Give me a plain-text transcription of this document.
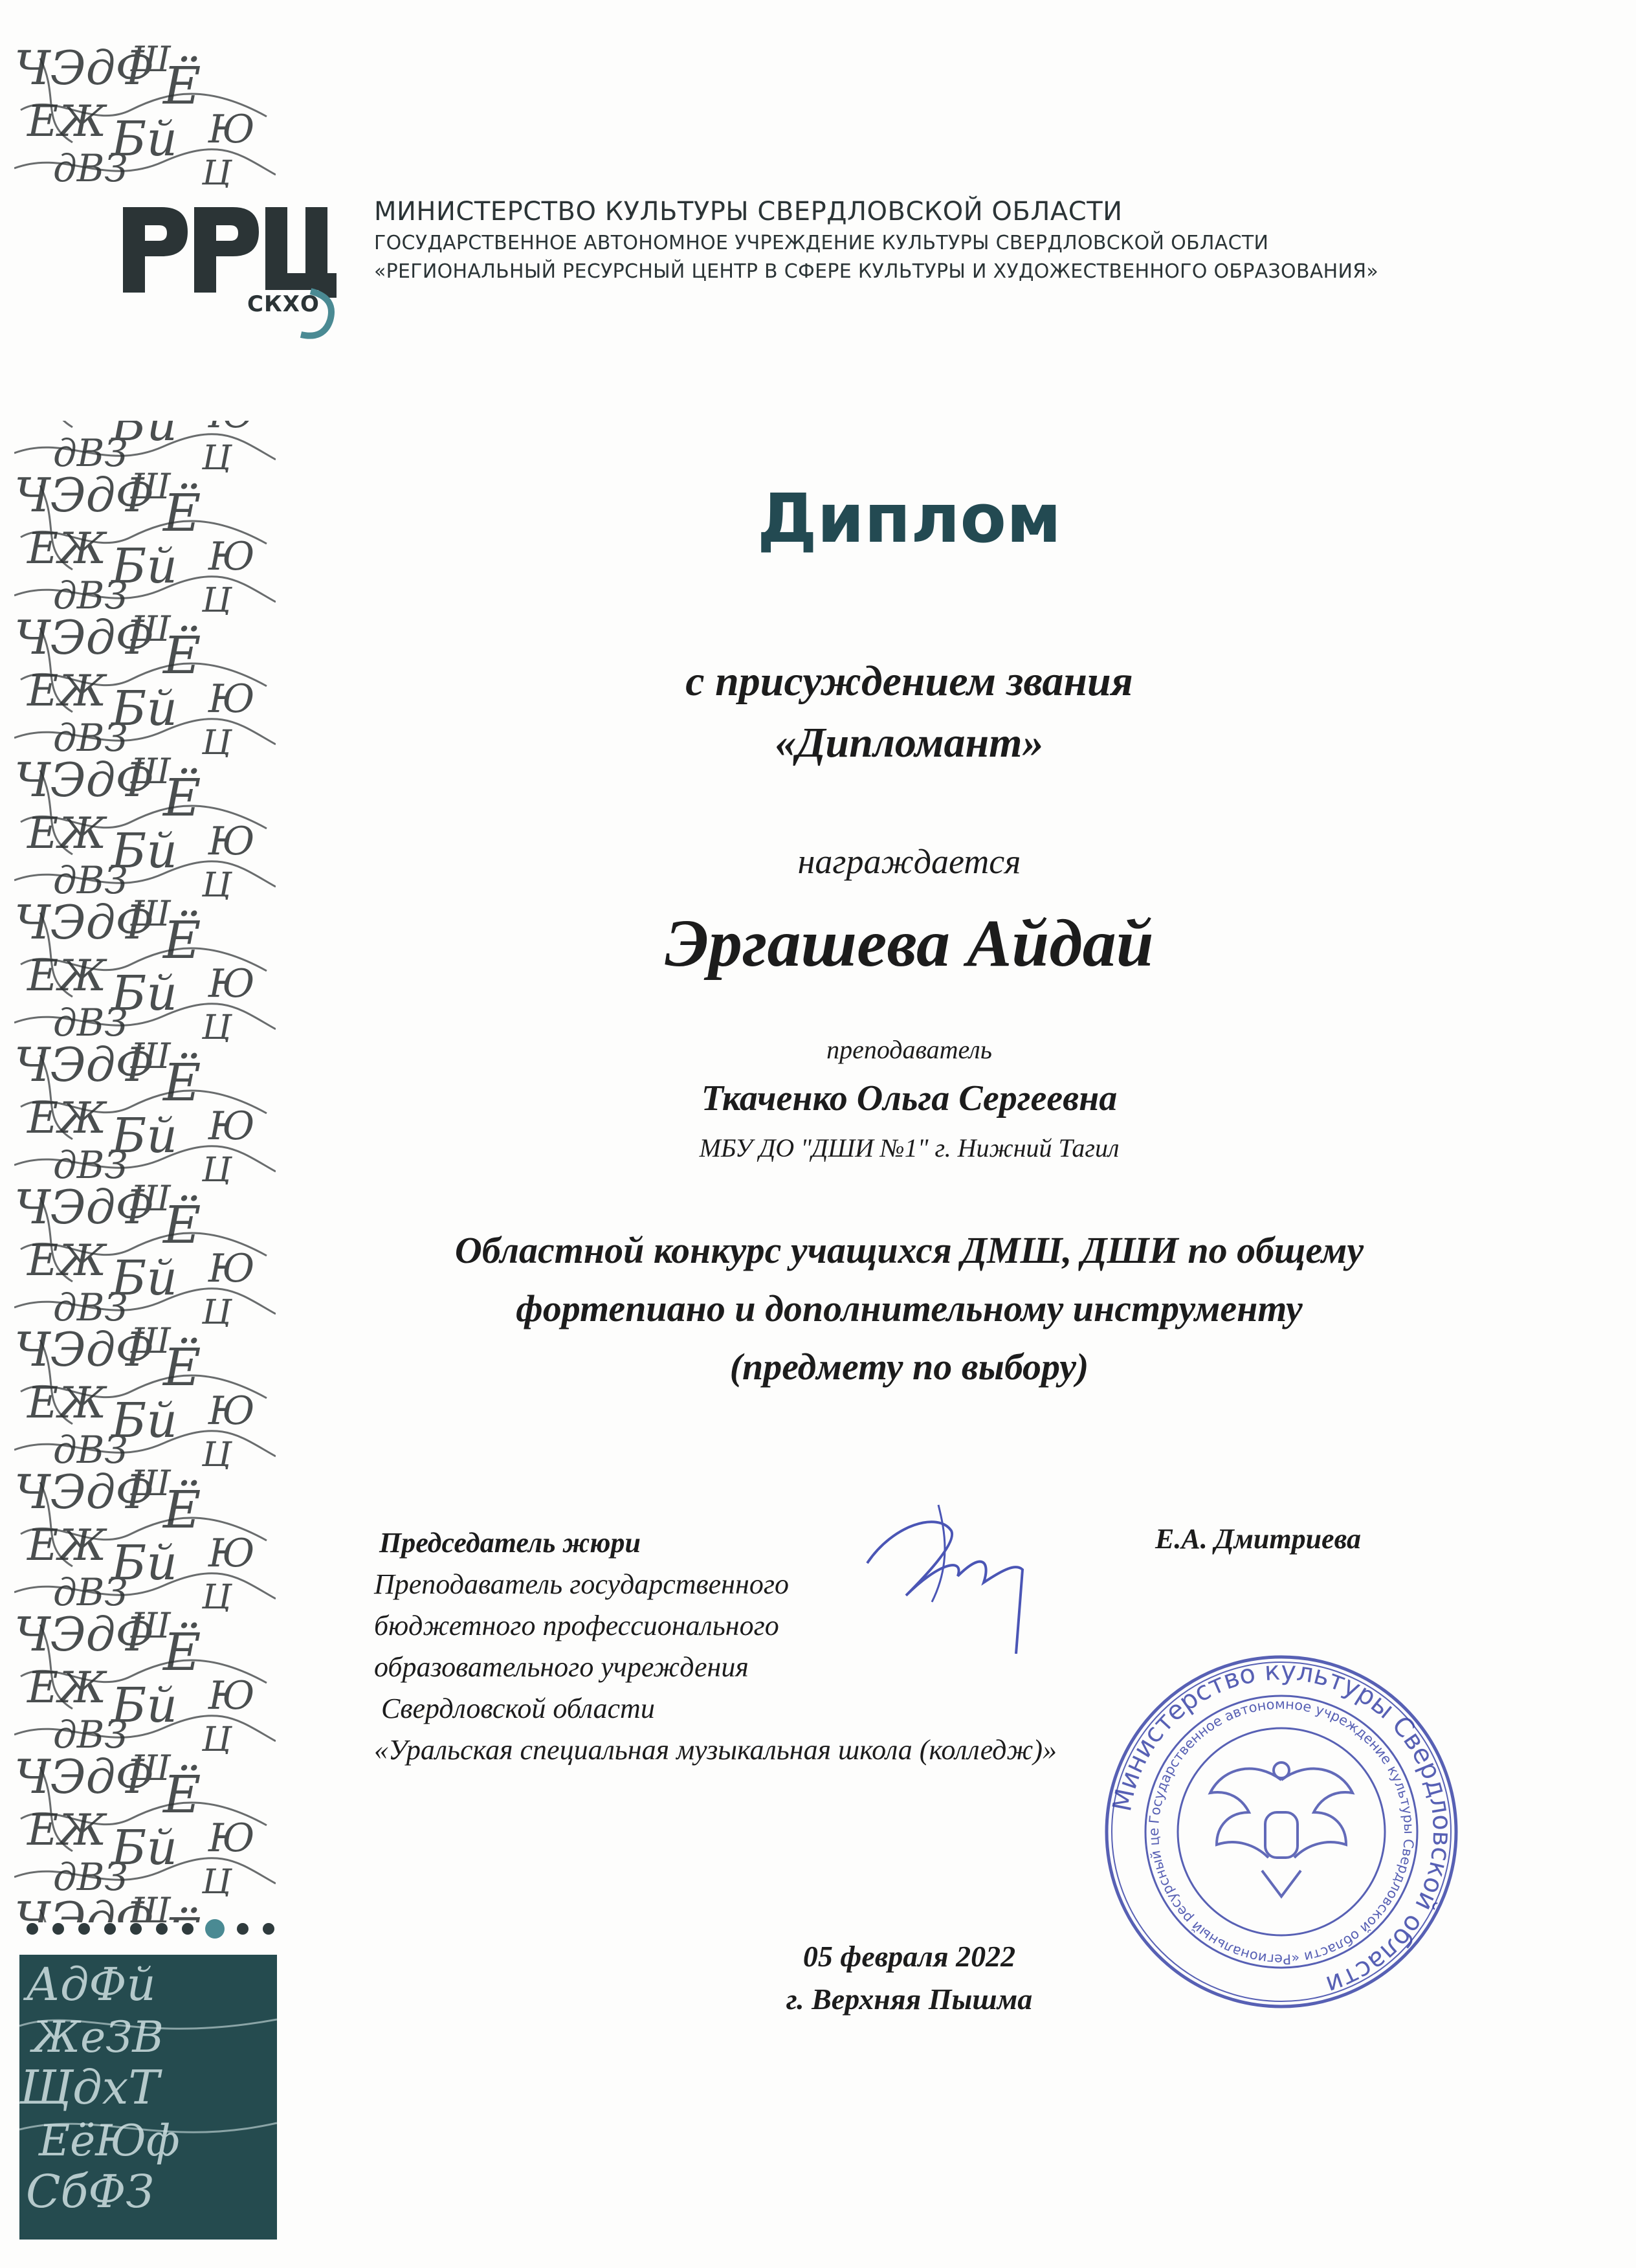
АдФй
ЖеЗВ
ЩдхТ
ЕёЮф
СбФЗ
СКХО
МИНИСТЕРСТВО КУЛЬТУРЫ СВЕРДЛОВСКОЙ ОБЛАСТИ
ГОСУДАРСТВЕННОЕ АВТОНОМНОЕ УЧРЕЖДЕНИЕ КУЛЬТУРЫ СВЕРДЛОВСКОЙ ОБЛАСТИ
«РЕГИОНАЛЬНЫЙ РЕСУРСНЫЙ ЦЕНТР В СФЕРЕ КУЛЬТУРЫ И ХУДОЖЕСТВЕННОГО ОБРАЗОВАНИЯ»
Диплом
с присуждением звания
«Дипломант»
награждается
Эргашева Айдай
преподаватель
Ткаченко Ольга Сергеевна
МБУ ДО "ДШИ №1" г. Нижний Тагил
Областной конкурс учащихся ДМШ, ДШИ по общему
фортепиано и дополнительному инструменту
(предмету по выбору)
Председатель жюри
Преподаватель государственного
бюджетного профессионального
образовательного учреждения
Свердловской области
«Уральская специальная музыкальная школа (колледж)»
Е.А. Дмитриева
Министерство культуры Свердловской области
Государственное автономное учреждение культуры Свердловской области «Региональный ресурсный це
05 февраля 2022
г. Верхняя Пышма
